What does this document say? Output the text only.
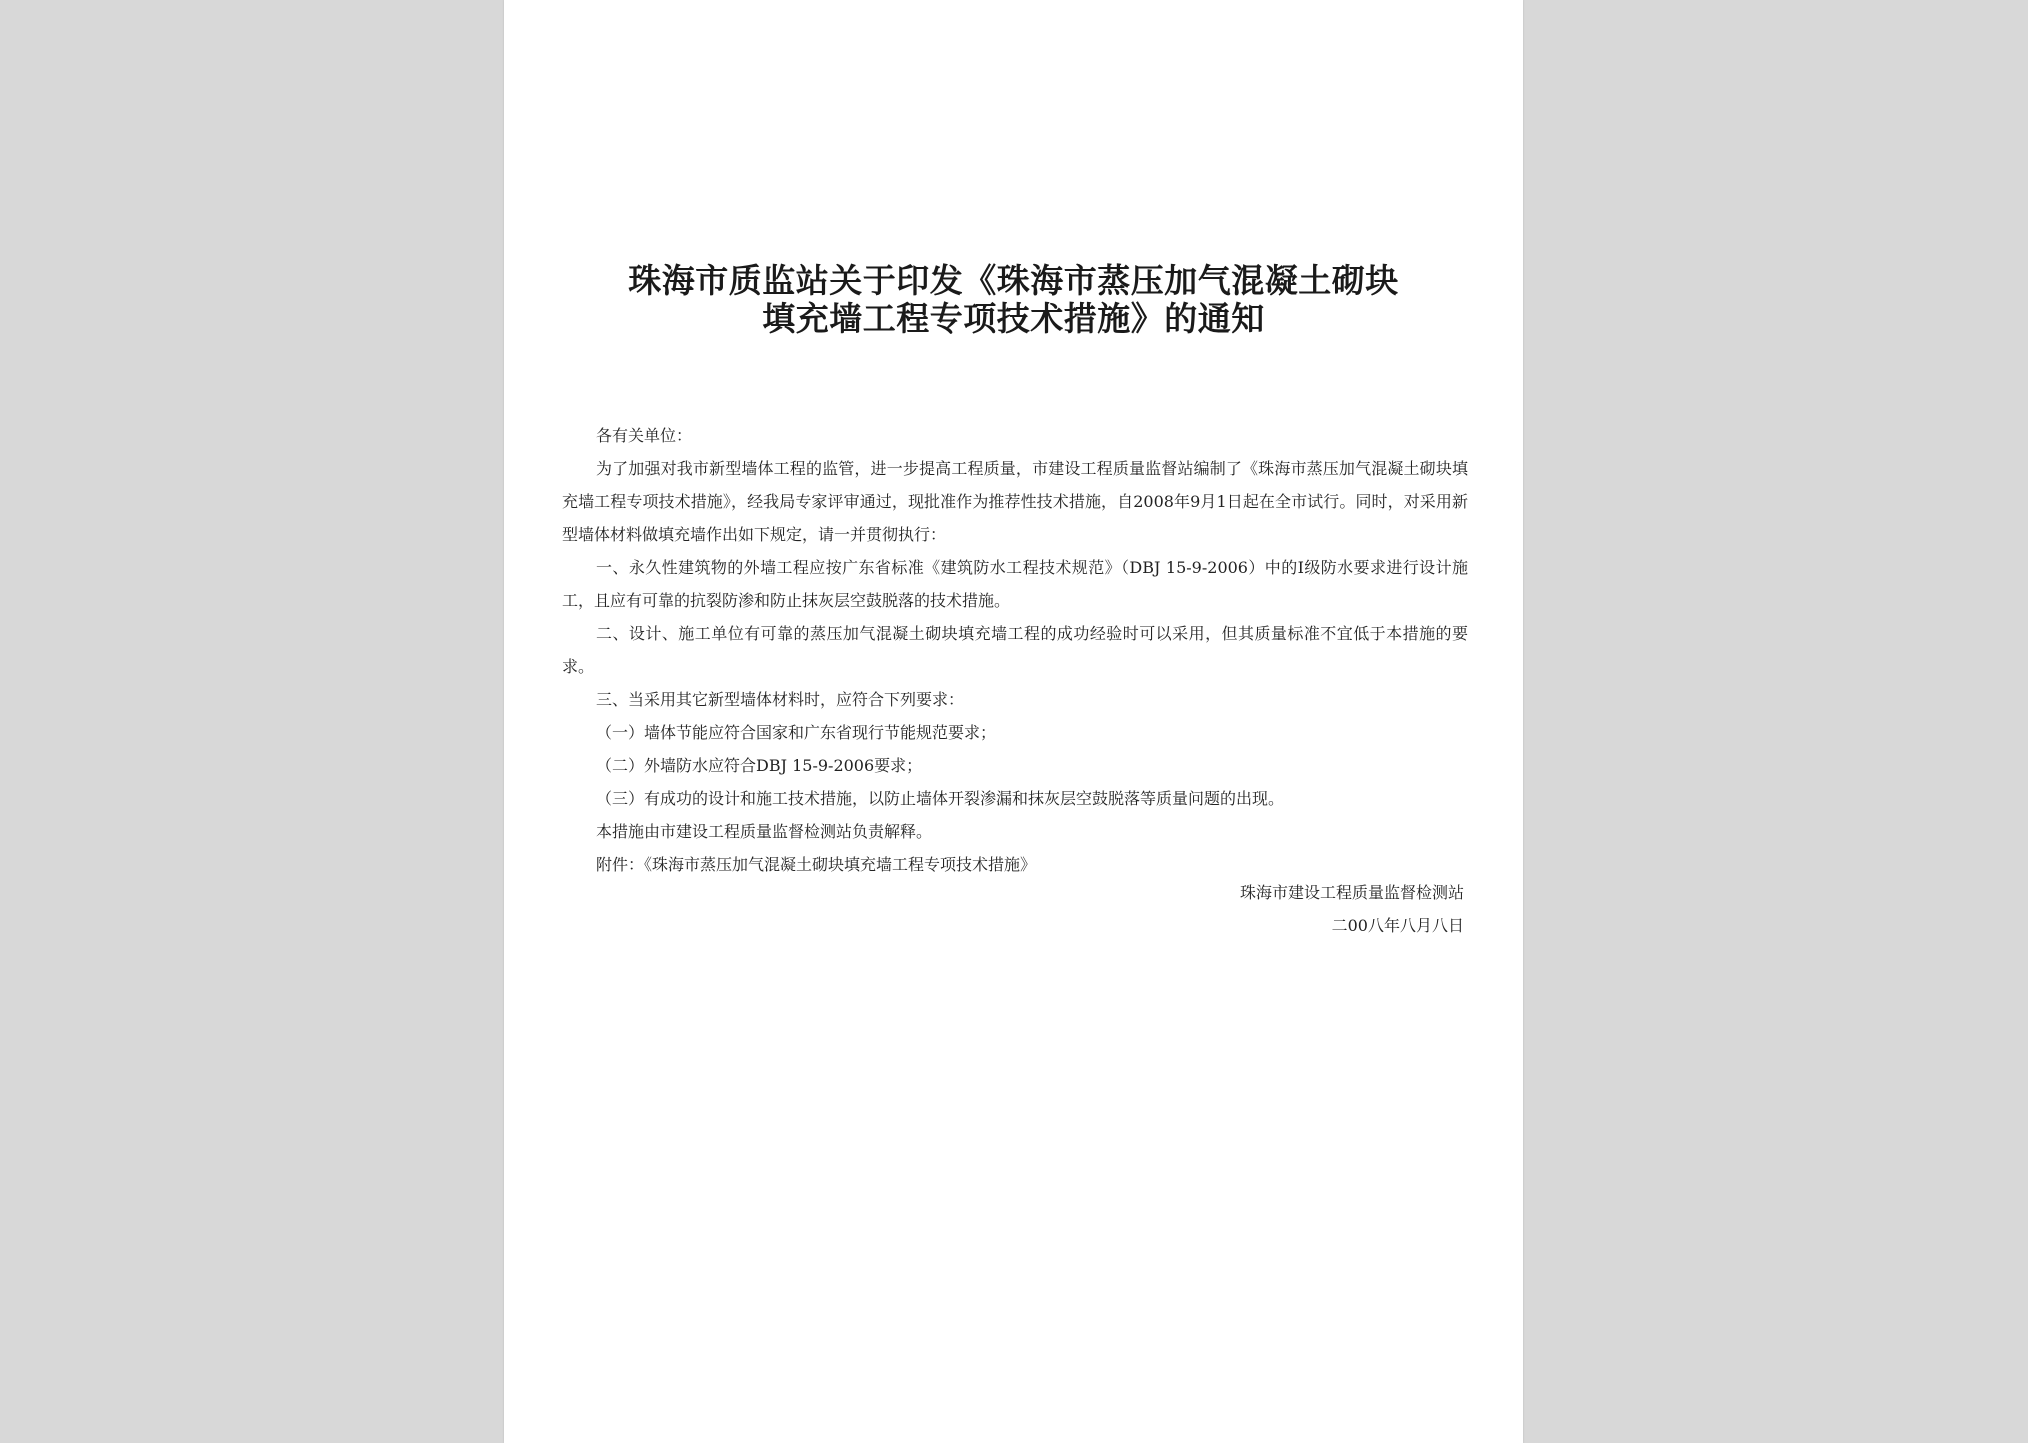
珠海市质监站关于印发《珠海市蒸压加气混凝土砌块
填充墙工程专项技术措施》的通知

各有关单位：

为了加强对我市新型墙体工程的监管，进一步提高工程质量，市建设工程质量监督站编制了《珠海市蒸压加气混凝土砌块填充墙工程专项技术措施》，经我局专家评审通过，现批准作为推荐性技术措施，自2008年9月1日起在全市试行。同时，对采用新型墙体材料做填充墙作出如下规定，请一并贯彻执行：

一、永久性建筑物的外墙工程应按广东省标准《建筑防水工程技术规范》（DBJ 15-9-2006）中的Ⅰ级防水要求进行设计施工，且应有可靠的抗裂防渗和防止抹灰层空鼓脱落的技术措施。

二、设计、施工单位有可靠的蒸压加气混凝土砌块填充墙工程的成功经验时可以采用，但其质量标准不宜低于本措施的要求。

三、当采用其它新型墙体材料时，应符合下列要求：

（一）墙体节能应符合国家和广东省现行节能规范要求；

（二）外墙防水应符合DBJ 15-9-2006要求；

（三）有成功的设计和施工技术措施，以防止墙体开裂渗漏和抹灰层空鼓脱落等质量问题的出现。

本措施由市建设工程质量监督检测站负责解释。

附件：《珠海市蒸压加气混凝土砌块填充墙工程专项技术措施》

珠海市建设工程质量监督检测站
二00八年八月八日
